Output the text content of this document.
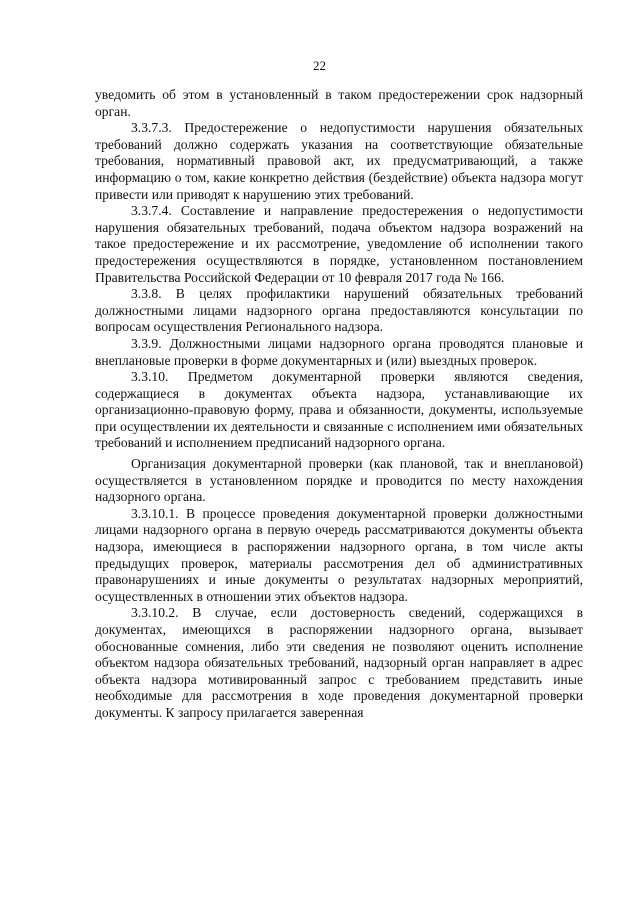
22

уведомить об этом в установленный в таком предостережении срок надзорный орган.

3.3.7.3. Предостережение о недопустимости нарушения обязательных требований должно содержать указания на соответствующие обязательные требования, нормативный правовой акт, их предусматривающий, а также информацию о том, какие конкретно действия (бездействие) объекта надзора могут привести или приводят к нарушению этих требований.

3.3.7.4. Составление и направление предостережения о недопустимости нарушения обязательных требований, подача объектом надзора возражений на такое предостережение и их рассмотрение, уведомление об исполнении такого предостережения осуществляются в порядке, установленном постановлением Правительства Российской Федерации от 10 февраля 2017 года № 166.

3.3.8. В целях профилактики нарушений обязательных требований должностными лицами надзорного органа предоставляются консультации по вопросам осуществления Регионального надзора.

3.3.9. Должностными лицами надзорного органа проводятся плановые и внеплановые проверки в форме документарных и (или) выездных проверок.

3.3.10. Предметом документарной проверки являются сведения, содержащиеся в документах объекта надзора, устанавливающие их организационно-правовую форму, права и обязанности, документы, используемые при осуществлении их деятельности и связанные с исполнением ими обязательных требований и исполнением предписаний надзорного органа.

Организация документарной проверки (как плановой, так и внеплановой) осуществляется в установленном порядке и проводится по месту нахождения надзорного органа.

3.3.10.1. В процессе проведения документарной проверки должностными лицами надзорного органа в первую очередь рассматриваются документы объекта надзора, имеющиеся в распоряжении надзорного органа, в том числе акты предыдущих проверок, материалы рассмотрения дел об административных правонарушениях и иные документы о результатах надзорных мероприятий, осуществленных в отношении этих объектов надзора.

3.3.10.2. В случае, если достоверность сведений, содержащихся в документах, имеющихся в распоряжении надзорного органа, вызывает обоснованные сомнения, либо эти сведения не позволяют оценить исполнение объектом надзора обязательных требований, надзорный орган направляет в адрес объекта надзора мотивированный запрос с требованием представить иные необходимые для рассмотрения в ходе проведения документарной проверки документы. К запросу прилагается заверенная
